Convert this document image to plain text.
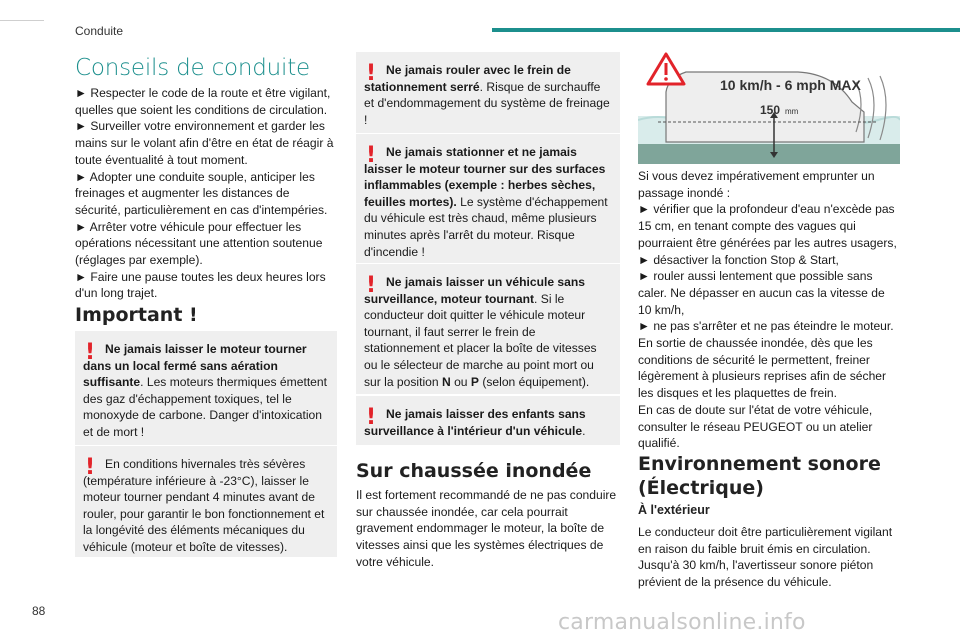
Conduite
Conseils de conduite

► Respecter le code de la route et être vigilant, quelles que soient les conditions de circulation.

► Surveiller votre environnement et garder les mains sur le volant afin d'être en état de réagir à toute éventualité à tout moment.

► Adopter une conduite souple, anticiper les freinages et augmenter les distances de sécurité, particulièrement en cas d'intempéries.

► Arrêter votre véhicule pour effectuer les opérations nécessitant une attention soutenue (réglages par exemple).

► Faire une pause toutes les deux heures lors d'un long trajet.

Important !
! Ne jamais laisser le moteur tourner dans un local fermé sans aération suffisante. Les moteurs thermiques émettent des gaz d'échappement toxiques, tel le monoxyde de carbone. Danger d'intoxication et de mort !

! En conditions hivernales très sévères (température inférieure à -23°C), laisser le moteur tourner pendant 4 minutes avant de rouler, pour garantir le bon fonctionnement et la longévité des éléments mécaniques du véhicule (moteur et boîte de vitesses).

! Ne jamais rouler avec le frein de stationnement serré. Risque de surchauffe et d'endommagement du système de freinage !

! Ne jamais stationner et ne jamais laisser le moteur tourner sur des surfaces inflammables (exemple : herbes sèches, feuilles mortes). Le système d'échappement du véhicule est très chaud, même plusieurs minutes après l'arrêt du moteur. Risque d'incendie !

! Ne jamais laisser un véhicule sans surveillance, moteur tournant. Si le conducteur doit quitter le véhicule moteur tournant, il faut serrer le frein de stationnement et placer la boîte de vitesses ou le sélecteur de marche au point mort ou sur la position N ou P (selon équipement).

! Ne jamais laisser des enfants sans surveillance à l'intérieur d'un véhicule.

Sur chaussée inondée

Il est fortement recommandé de ne pas conduire sur chaussée inondée, car cela pourrait gravement endommager le moteur, la boîte de vitesses ainsi que les systèmes électriques de votre véhicule.

10 km/h - 6 mph MAX
150 mm

Si vous devez impérativement emprunter un passage inondé :

► vérifier que la profondeur d'eau n'excède pas 15 cm, en tenant compte des vagues qui pourraient être générées par les autres usagers,

► désactiver la fonction Stop & Start,

► rouler aussi lentement que possible sans caler. Ne dépasser en aucun cas la vitesse de 10 km/h,

► ne pas s'arrêter et ne pas éteindre le moteur.

En sortie de chaussée inondée, dès que les conditions de sécurité le permettent, freiner légèrement à plusieurs reprises afin de sécher les disques et les plaquettes de frein.

En cas de doute sur l'état de votre véhicule, consulter le réseau PEUGEOT ou un atelier qualifié.

Environnement sonore (Électrique)
À l'extérieur

Le conducteur doit être particulièrement vigilant en raison du faible bruit émis en circulation. Jusqu'à 30 km/h, l'avertisseur sonore piéton prévient de la présence du véhicule.

88	carmanualsonline.info
